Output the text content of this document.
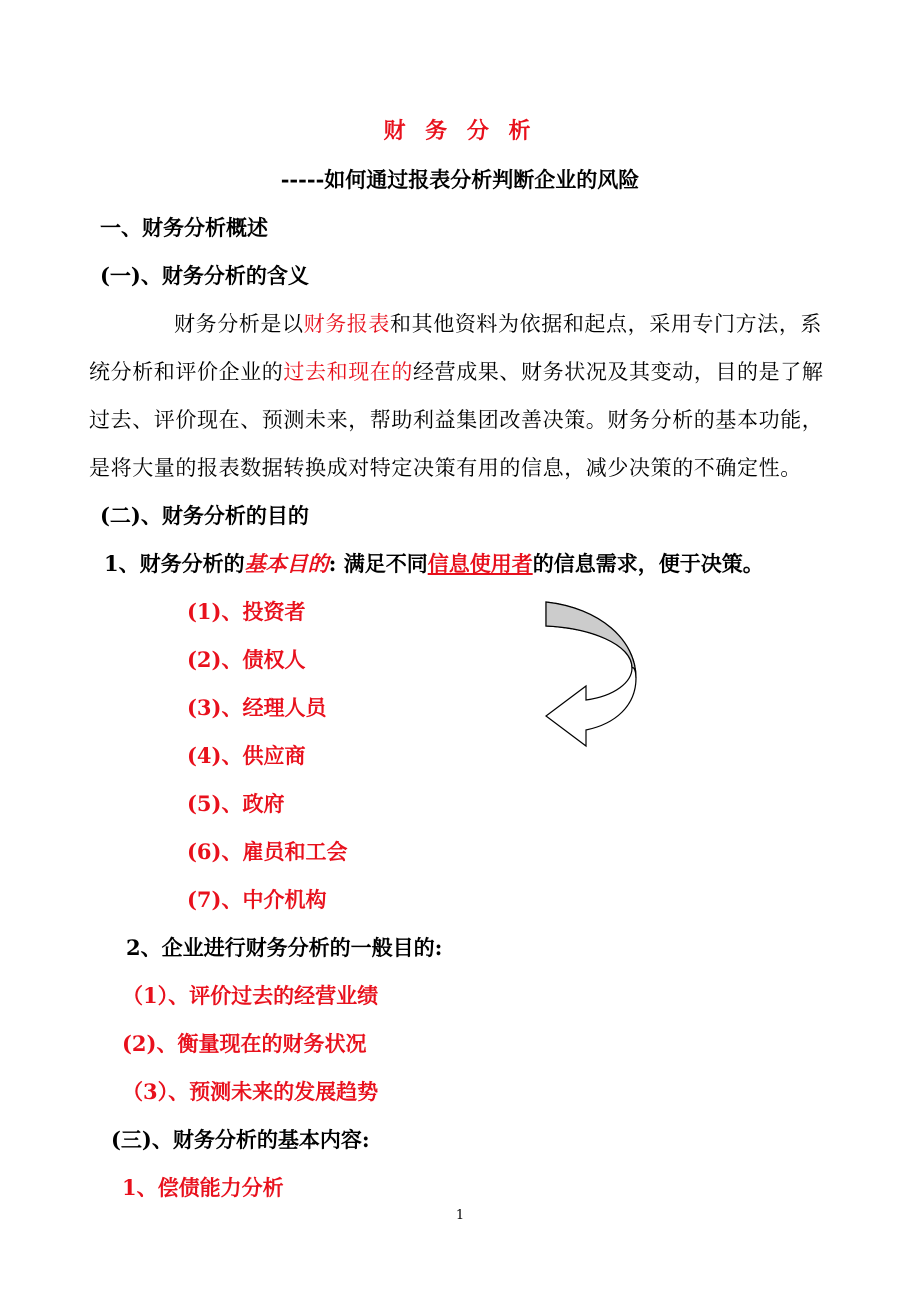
财 务 分 析
-----如何通过报表分析判断企业的风险
一、财务分析概述
(一)、财务分析的含义
财务分析是以财务报表和其他资料为依据和起点，采用专门方法，系
统分析和评价企业的过去和现在的经营成果、财务状况及其变动，目的是了解
过去、评价现在、预测未来，帮助利益集团改善决策。财务分析的基本功能，
是将大量的报表数据转换成对特定决策有用的信息，减少决策的不确定性。
(二)、财务分析的目的
1、财务分析的基本目的: 满足不同信息使用者的信息需求，便于决策。
(1)、投资者
(2)、债权人
(3)、经理人员
(4)、供应商
(5)、政府
(6)、雇员和工会
(7)、中介机构
2、企业进行财务分析的一般目的:
（1）、评价过去的经营业绩
(2)、衡量现在的财务状况
（3）、预测未来的发展趋势
(三)、财务分析的基本内容:
1、偿债能力分析
1
